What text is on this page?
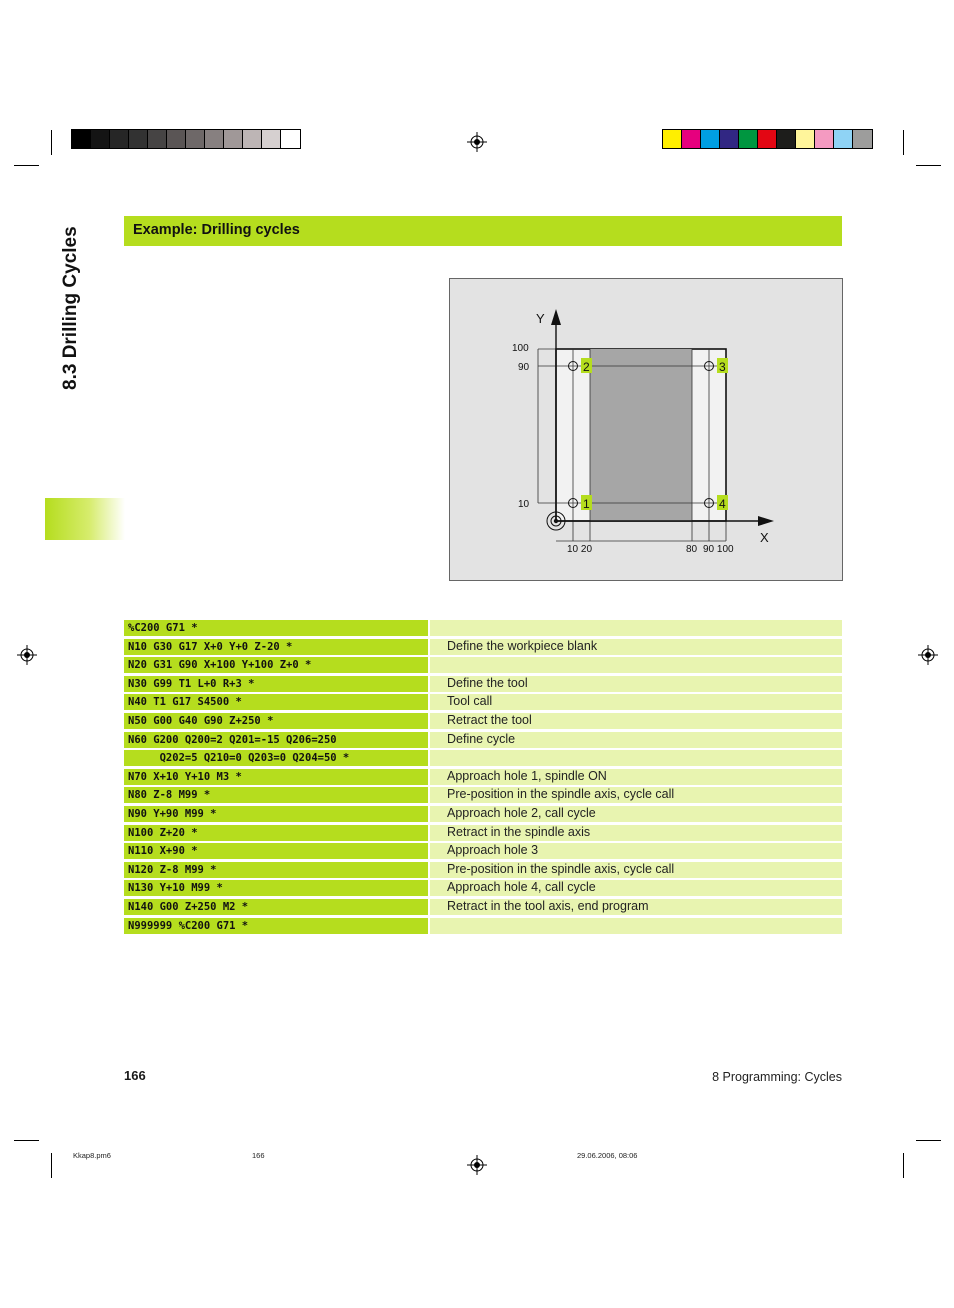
8.3 Drilling Cycles	Example: Drilling cycles
Y
X
100
90
10
10 20	80 90 100
1
2	3
4
%C200 G71 *
N10 G30 G17 X+0 Y+0 Z-20 *	Define the workpiece blank
N20 G31 G90 X+100 Y+100 Z+0 *
N30 G99 T1 L+0 R+3 *	Define the tool
N40 T1 G17 S4500 *	Tool call
N50 G00 G40 G90 Z+250 *	Retract the tool
N60 G200 Q200=2 Q201=-15 Q206=250	Define cycle
Q202=5 Q210=0 Q203=0 Q204=50 *
N70 X+10 Y+10 M3 *	Approach hole 1, spindle ON
N80 Z-8 M99 *	Pre-position in the spindle axis, cycle call
N90 Y+90 M99 *	Approach hole 2, call cycle
N100 Z+20 *	Retract in the spindle axis
N110 X+90 *	Approach hole 3
N120 Z-8 M99 *	Pre-position in the spindle axis, cycle call
N130 Y+10 M99 *	Approach hole 4, call cycle
N140 G00 Z+250 M2 *	Retract in the tool axis, end program
N999999 %C200 G71 *
166	8 Programming: Cycles
Kkap8.pm6	166	29.06.2006, 08:06
